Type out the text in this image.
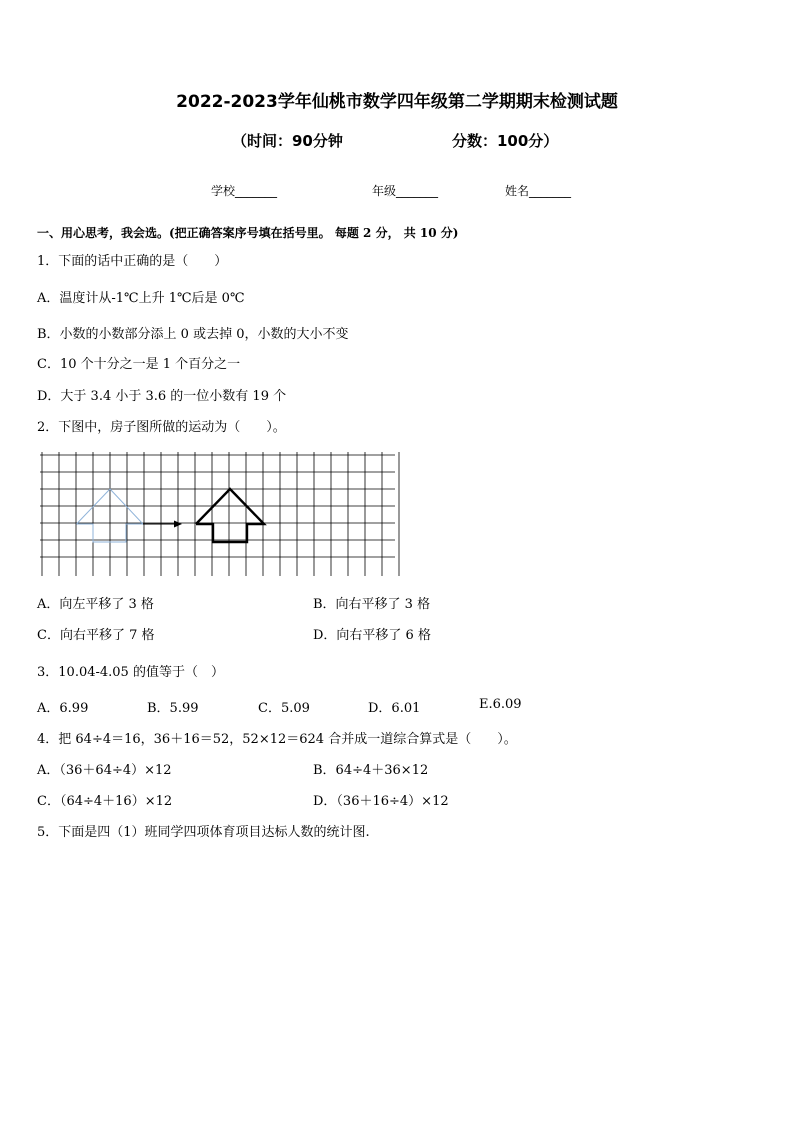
2022-2023学年仙桃市数学四年级第二学期期末检测试题
（时间：90分钟	分数：100分）
学校_______	年级_______	姓名_______
一、用心思考，我会选。(把正确答案序号填在括号里。 每题 2 分， 共 10 分)
1．下面的话中正确的是（　　）
A．温度计从-1℃上升 1℃后是 0℃
B．小数的小数部分添上 0 或去掉 0，小数的大小不变
C．10 个十分之一是 1 个百分之一
D．大于 3.4 小于 3.6 的一位小数有 19 个
2．下图中，房子图所做的运动为（　　）。
A．向左平移了 3 格	B．向右平移了 3 格
C．向右平移了 7 格	D．向右平移了 6 格
3．10.04-4.05 的值等于（　）
A．6.99	B．5.99	C．5.09	D．6.01	E.6.09
4．把 64÷4＝16，36＋16＝52，52×12＝624 合并成一道综合算式是（　　）。
A．（36＋64÷4）×12	B．64÷4＋36×12
C．（64÷4＋16）×12	D．（36＋16÷4）×12
5．下面是四（1）班同学四项体育项目达标人数的统计图.
